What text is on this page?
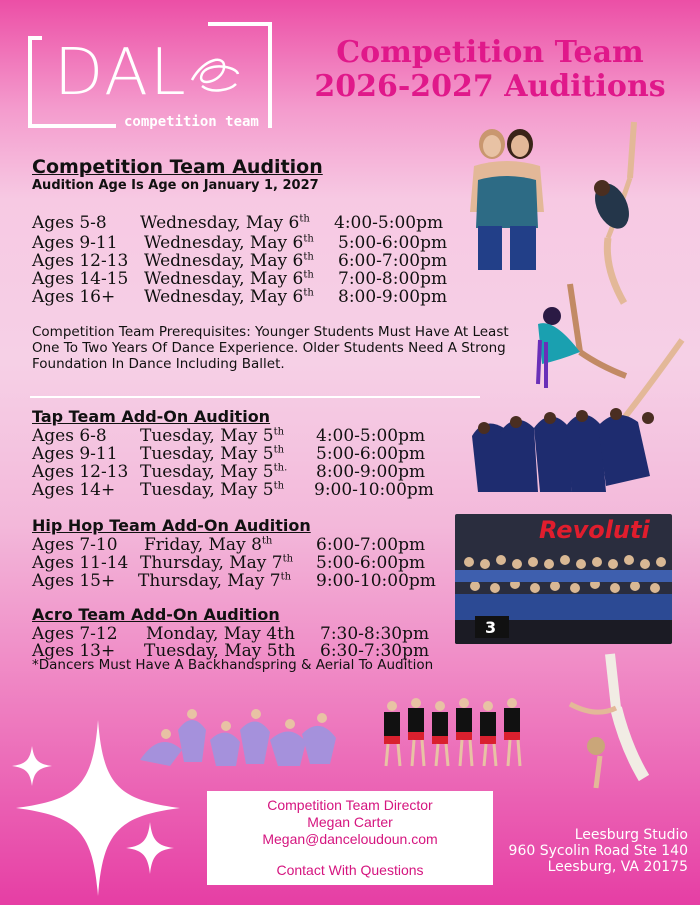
DAL
competition team
Competition Team
2026-2027 Auditions
Competition Team Audition
Audition Age Is Age on January 1, 2027
Ages 5-8 Wednesday, May 6th 4:00-5:00pm
Ages 9-11 Wednesday, May 6th 5:00-6:00pm
Ages 12-13 Wednesday, May 6th 6:00-7:00pm
Ages 14-15 Wednesday, May 6th 7:00-8:00pm
Ages 16+ Wednesday, May 6th 8:00-9:00pm
Competition Team Prerequisites: Younger Students Must Have At Least One To Two Years Of Dance Experience. Older Students Need A Strong Foundation In Dance Including Ballet.
Tap Team Add-On Audition
Ages 6-8 Tuesday, May 5th 4:00-5:00pm
Ages 9-11 Tuesday, May 5th 5:00-6:00pm
Ages 12-13 Tuesday, May $5^{th.}$ 8:00-9:00pm
Ages 14+ Tuesday, May 5th 9:00-10:00pm
Hip Hop Team Add-On Audition
Ages 7-10 Friday, May 8th	6:00-7:00pm
Ages 11-14 Thursday, May 7th 5:00-6:00pm
Ages 15+ Thursday, May 7th 9:00-10:00pm
Acro Team Add-On Audition
Ages 7-12 Monday, May 4th 7:30-8:30pm
Ages 13+ Tuesday, May 5th 6:30-7:30pm
*Dancers Must Have A Backhandspring & Aerial To Audition
Revoluti
3
Competition Team Director
Megan Carter
Megan@danceloudoun.com
Contact With Questions
Leesburg Studio
960 Sycolin Road Ste 140
Leesburg, VA 20175
